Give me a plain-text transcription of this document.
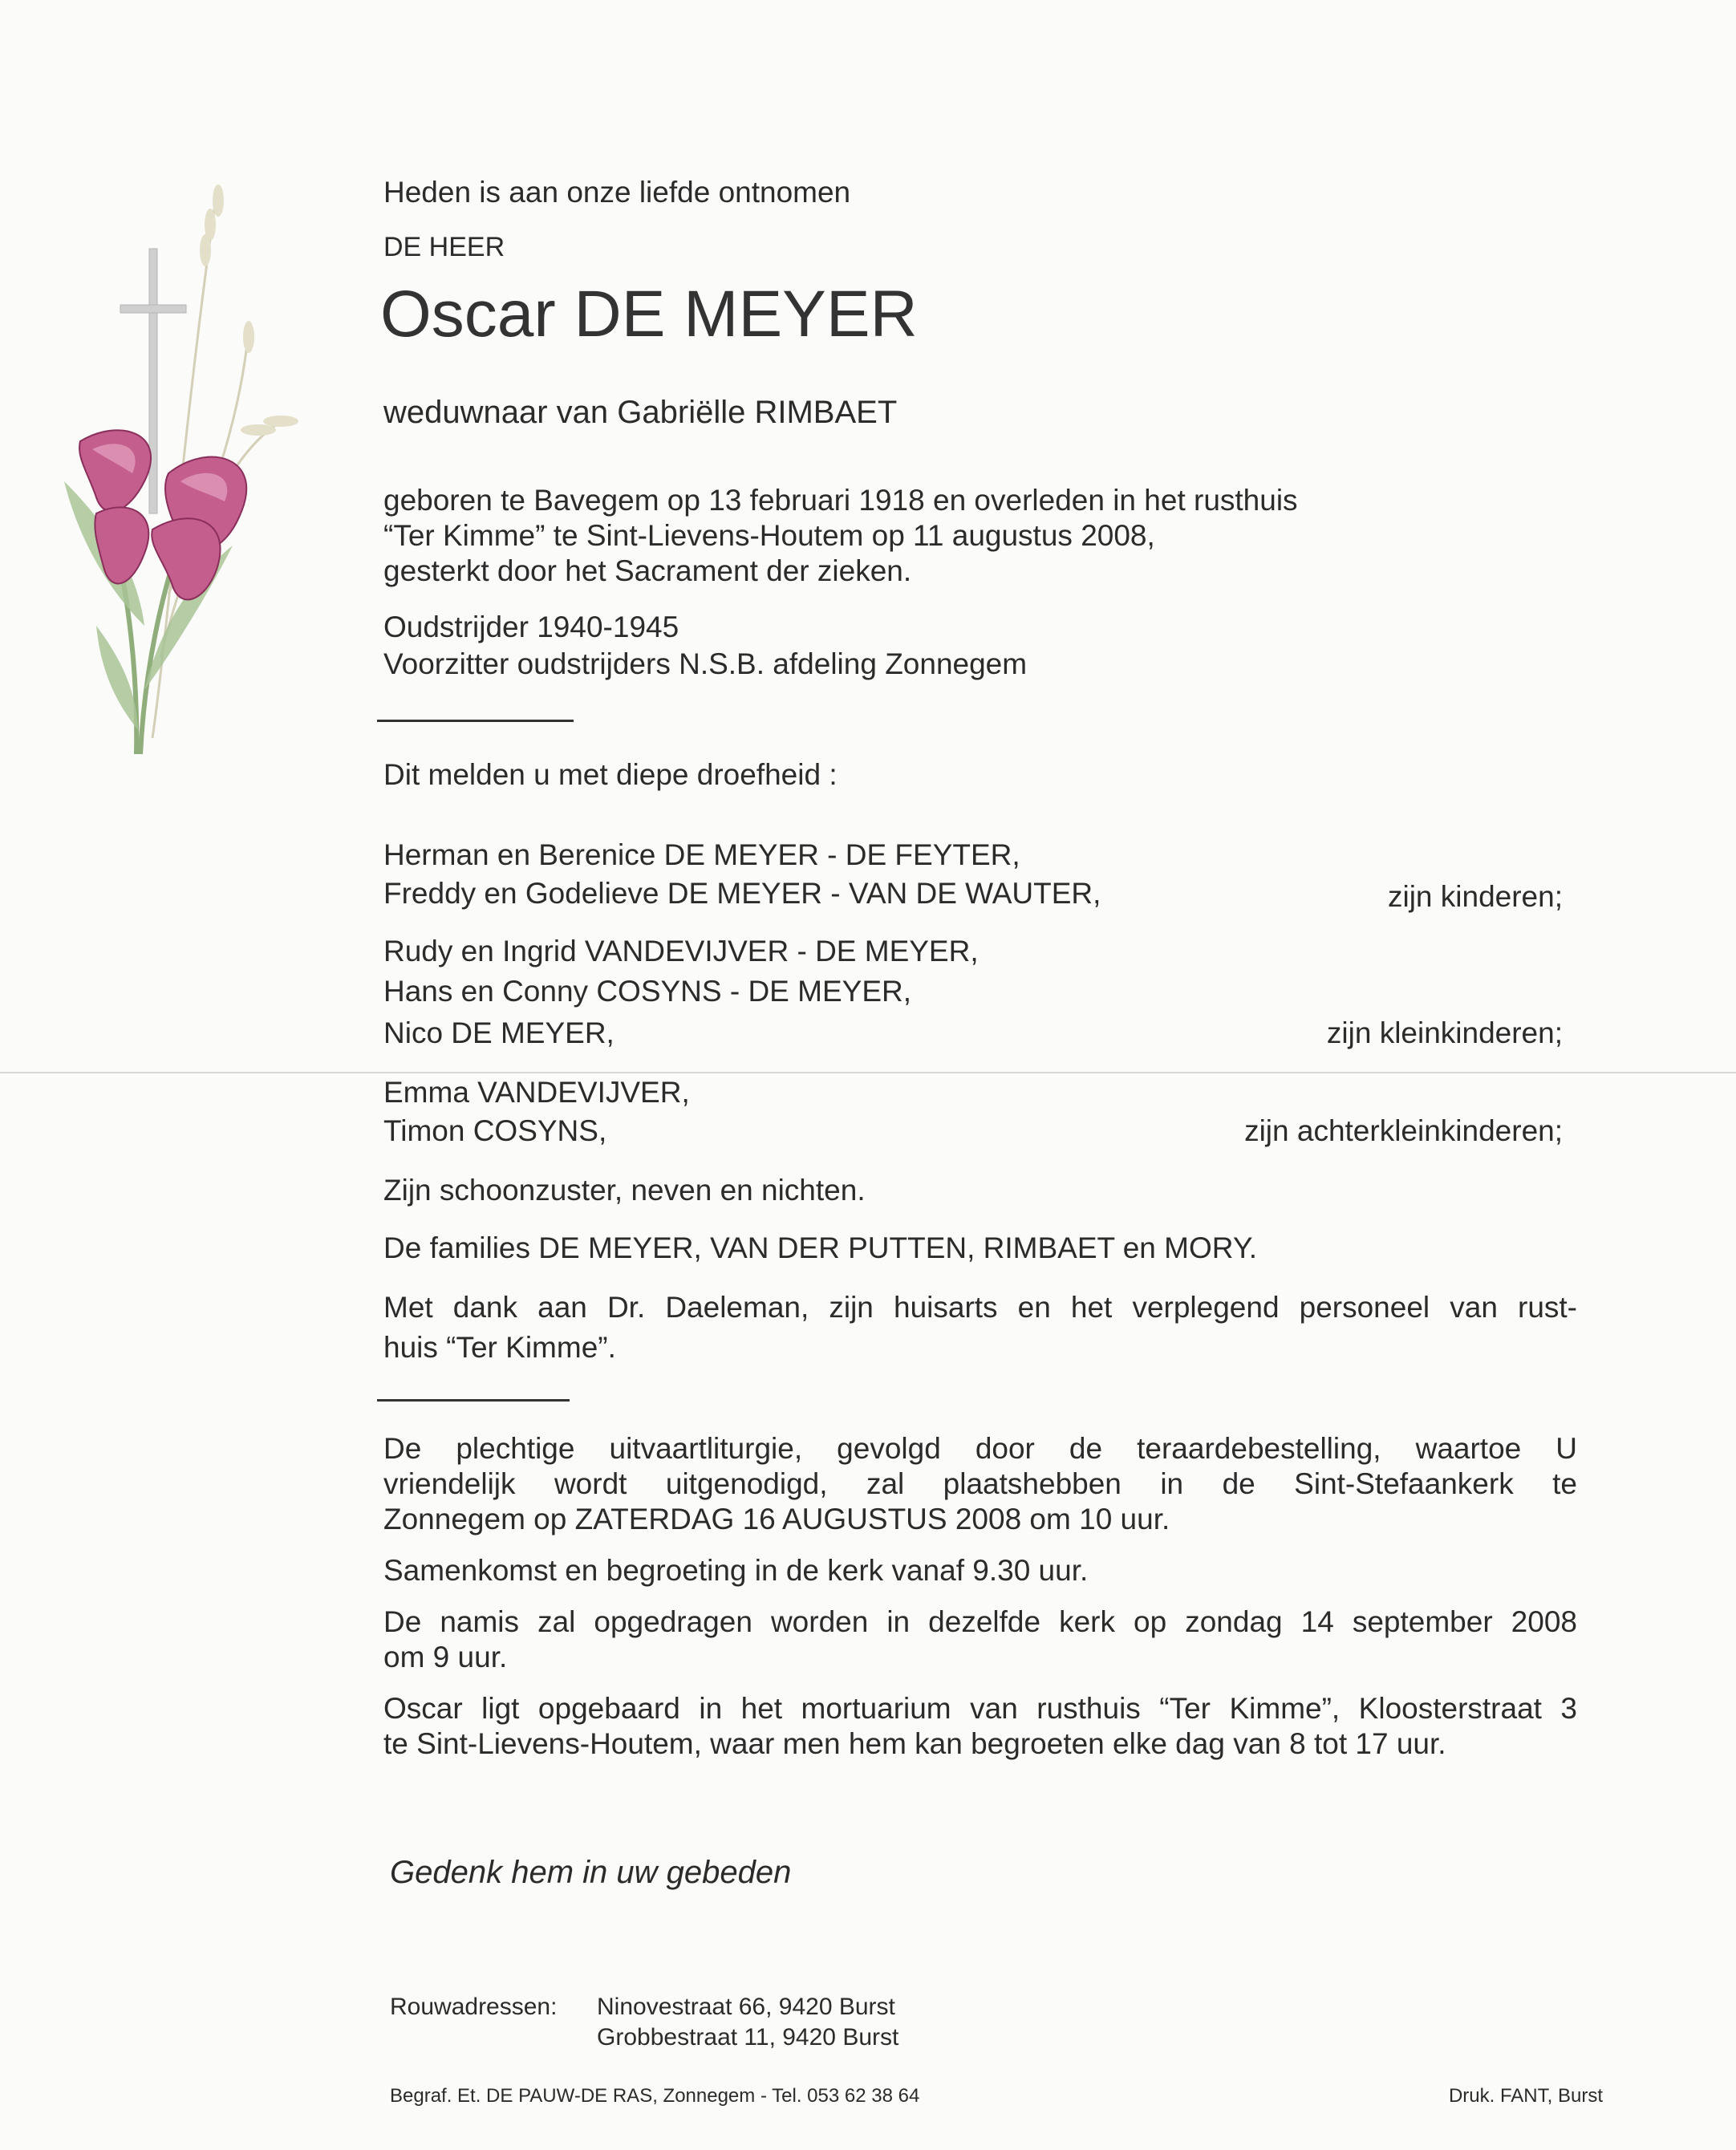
Heden is aan onze liefde ontnomen
DE HEER
Oscar DE MEYER
weduwnaar van Gabriëlle RIMBAET
geboren te Bavegem op 13 februari 1918 en overleden in het rusthuis
“Ter Kimme” te Sint-Lievens-Houtem op 11 augustus 2008,
gesterkt door het Sacrament der zieken.
Oudstrijder 1940-1945
Voorzitter oudstrijders N.S.B. afdeling Zonnegem
Dit melden u met diepe droefheid :
Herman en Berenice DE MEYER - DE FEYTER,
Freddy en Godelieve DE MEYER - VAN DE WAUTER,	zijn kinderen;
Rudy en Ingrid VANDEVIJVER - DE MEYER,
Hans en Conny COSYNS - DE MEYER,
Nico DE MEYER,	zijn kleinkinderen;
Emma VANDEVIJVER,
Timon COSYNS,	zijn achterkleinkinderen;
Zijn schoonzuster, neven en nichten.
De families DE MEYER, VAN DER PUTTEN, RIMBAET en MORY.
Met dank aan Dr. Daeleman, zijn huisarts en het verplegend personeel van rust-
huis “Ter Kimme”.
De plechtige uitvaartliturgie, gevolgd door de teraardebestelling, waartoe U
vriendelijk wordt uitgenodigd, zal plaatshebben in de Sint-Stefaankerk te
Zonnegem op ZATERDAG 16 AUGUSTUS 2008 om 10 uur.
Samenkomst en begroeting in de kerk vanaf 9.30 uur.
De namis zal opgedragen worden in dezelfde kerk op zondag 14 september 2008
om 9 uur.
Oscar ligt opgebaard in het mortuarium van rusthuis “Ter Kimme”, Kloosterstraat 3
te Sint-Lievens-Houtem, waar men hem kan begroeten elke dag van 8 tot 17 uur.
Gedenk hem in uw gebeden
Rouwadressen: Ninovestraat 66, 9420 Burst
Grobbestraat 11, 9420 Burst
Begraf. Et. DE PAUW-DE RAS, Zonnegem - Tel. 053 62 38 64	Druk. FANT, Burst
